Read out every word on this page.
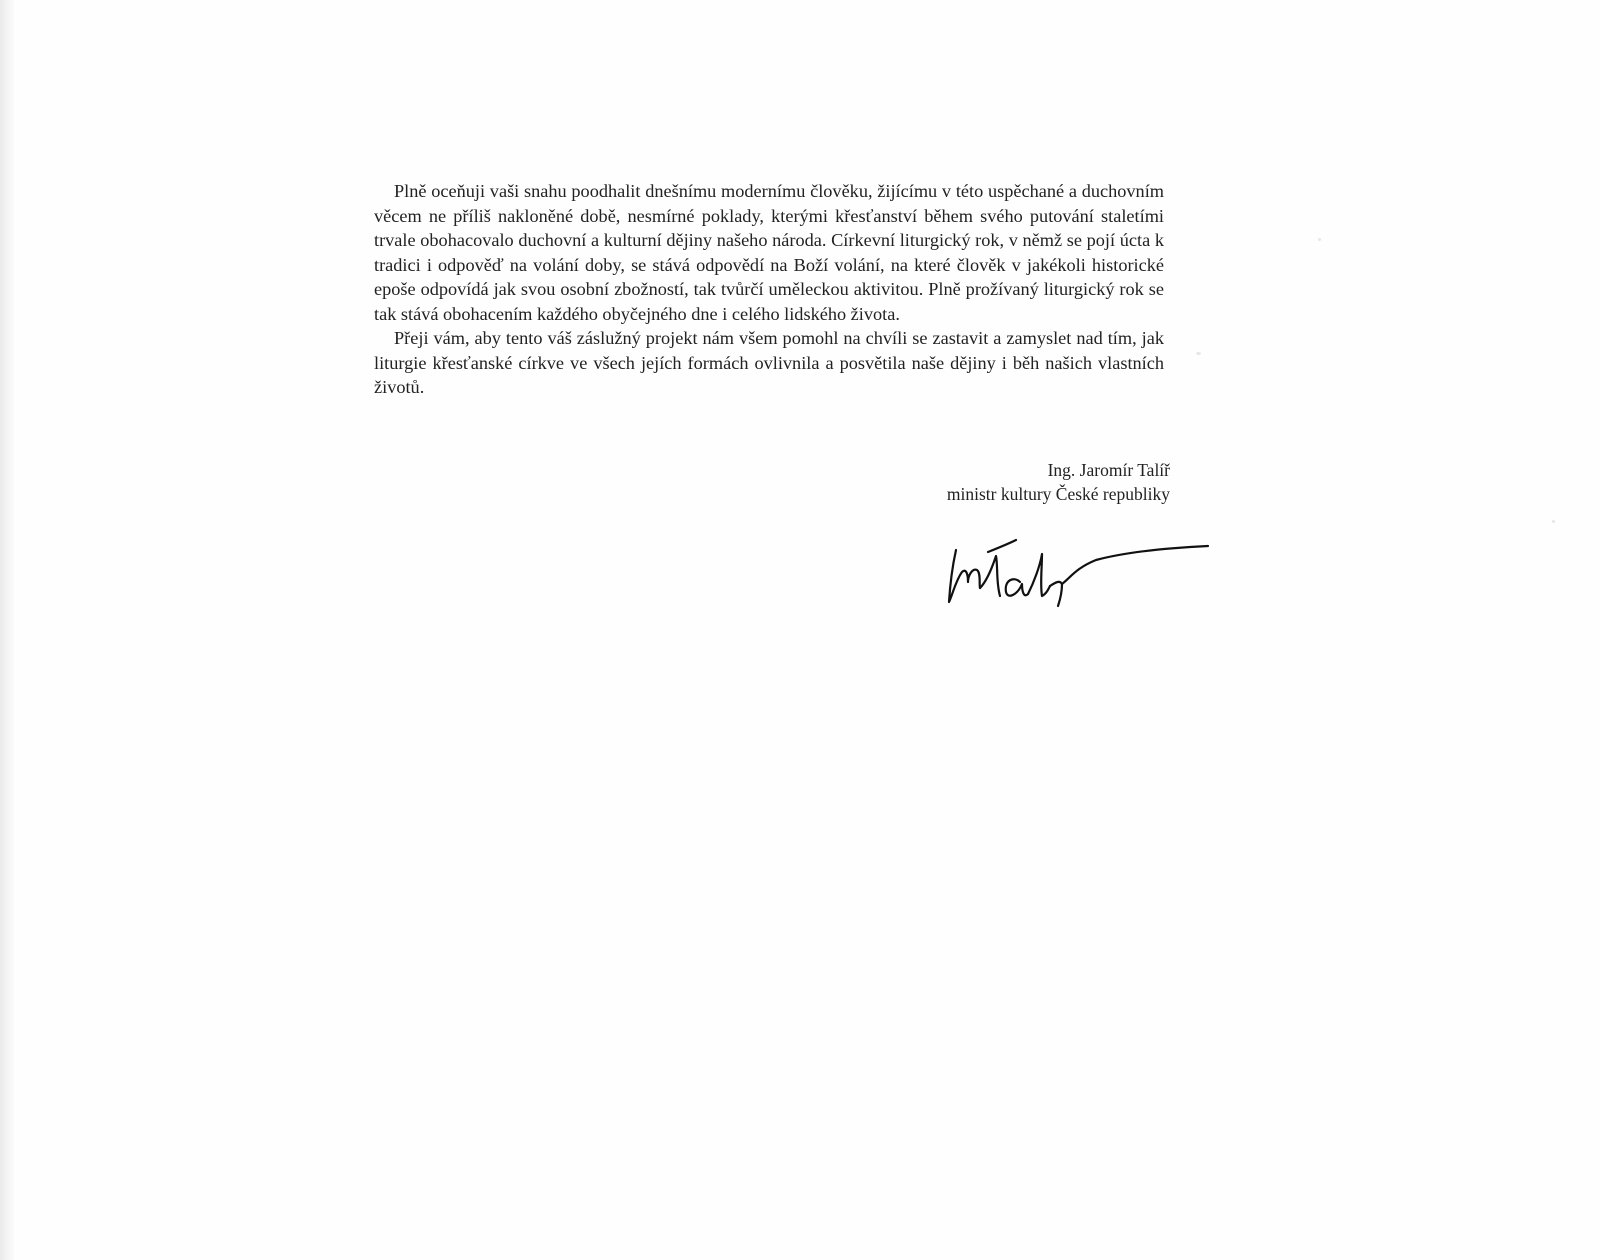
Plně oceňuji vaši snahu poodhalit dnešnímu modernímu člověku, žijícímu v této uspěchané a duchovním věcem ne příliš nakloněné době, nesmírné poklady, kterými křesťanství během svého putování staletími trvale obohacovalo duchovní a kulturní dějiny našeho národa. Církevní liturgický rok, v němž se pojí úcta k tradici i odpověď na volání doby, se stává odpovědí na Boží volání, na které člověk v jakékoli historické epoše odpovídá jak svou osobní zbožností, tak tvůrčí uměleckou aktivitou. Plně prožívaný liturgický rok se tak stává obohacením každého obyčejného dne i celého lidského života.

Přeji vám, aby tento váš záslužný projekt nám všem pomohl na chvíli se zastavit a zamyslet nad tím, jak liturgie křesťanské církve ve všech jejích formách ovlivnila a posvětila naše dějiny i běh našich vlastních životů.

Ing. Jaromír Talíř
ministr kultury České republiky
